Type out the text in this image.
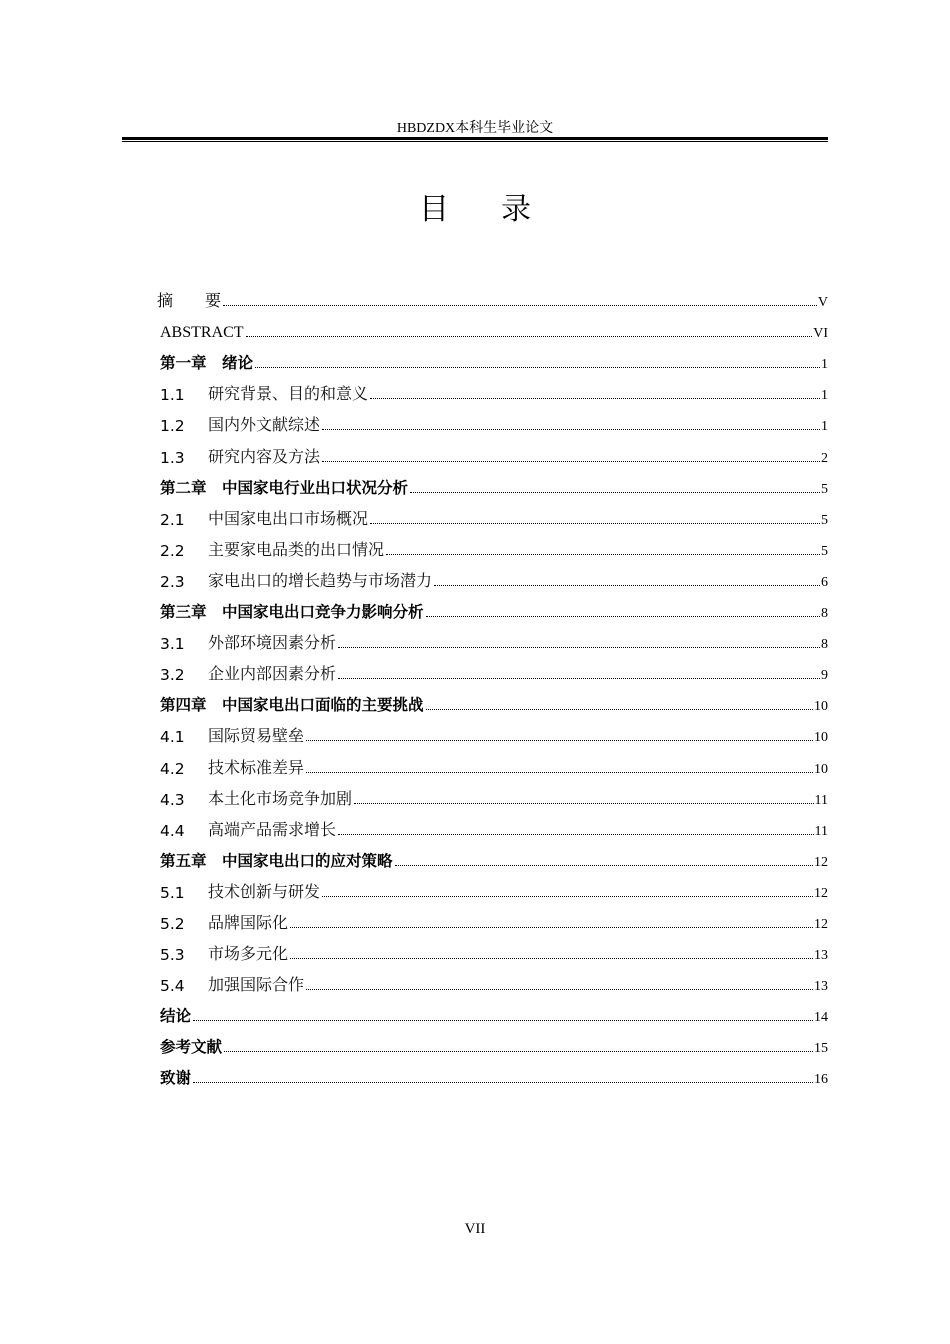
HBDZDX本科生毕业论文
目录
摘　　要	V
ABSTRACT	VI
第一章　绪论	1
1.1	研究背景、目的和意义	1
1.2	国内外文献综述	1
1.3	研究内容及方法	2
第二章　中国家电行业出口状况分析	5
2.1	中国家电出口市场概况	5
2.2	主要家电品类的出口情况	5
2.3	家电出口的增长趋势与市场潜力	6
第三章　中国家电出口竞争力影响分析	8
3.1	外部环境因素分析	8
3.2	企业内部因素分析	9
第四章　中国家电出口面临的主要挑战	10
4.1	国际贸易壁垒	10
4.2	技术标准差异	10
4.3	本土化市场竞争加剧	11
4.4	高端产品需求增长	11
第五章　中国家电出口的应对策略	12
5.1	技术创新与研发	12
5.2	品牌国际化	12
5.3	市场多元化	13
5.4	加强国际合作	13
结论	14
参考文献	15
致谢	16
VII
